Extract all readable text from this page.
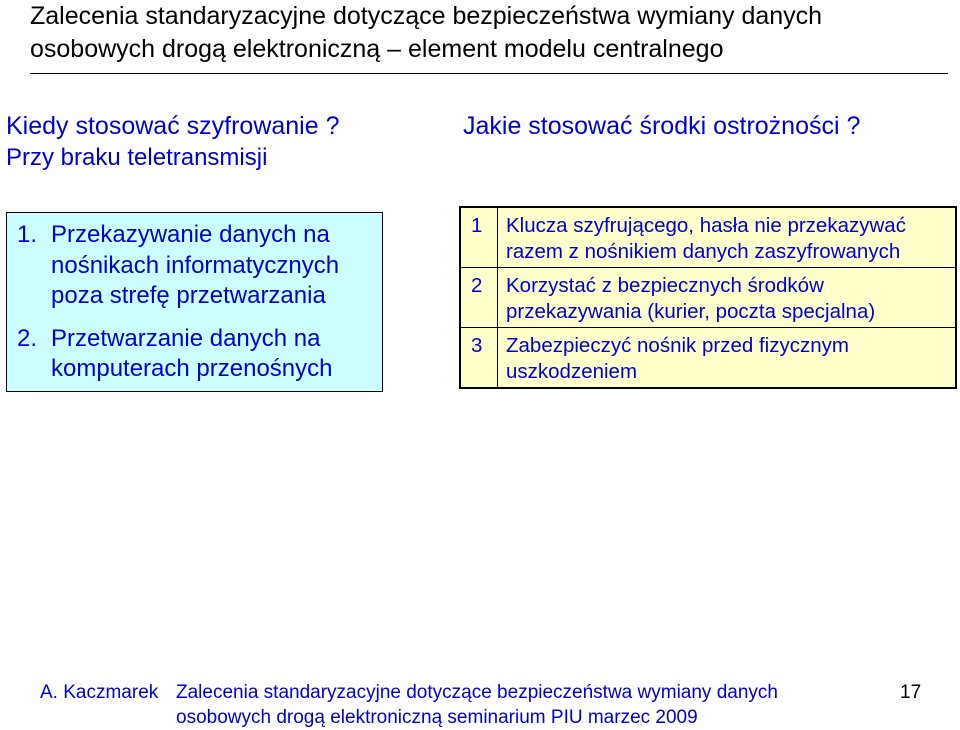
Zalecenia standaryzacyjne dotyczące bezpieczeństwa wymiany danych osobowych drogą elektroniczną – element modelu centralnego
Kiedy stosować szyfrowanie ?
Przy braku teletransmisji
Jakie stosować środki ostrożności ?
1. Przekazywanie danych na nośnikach informatycznych poza strefę przetwarzania
2. Przetwarzanie danych na komputerach przenośnych
1	Klucza szyfrującego, hasła nie przekazywać razem z nośnikiem danych zaszyfrowanych
2	Korzystać z bezpiecznych środków przekazywania (kurier, poczta specjalna)
3	Zabezpieczyć nośnik przed fizycznym uszkodzeniem
A. Kaczmarek Zalecenia standaryzacyjne dotyczące bezpieczeństwa wymiany danych osobowych drogą elektroniczną seminarium PIU marzec 2009
17
